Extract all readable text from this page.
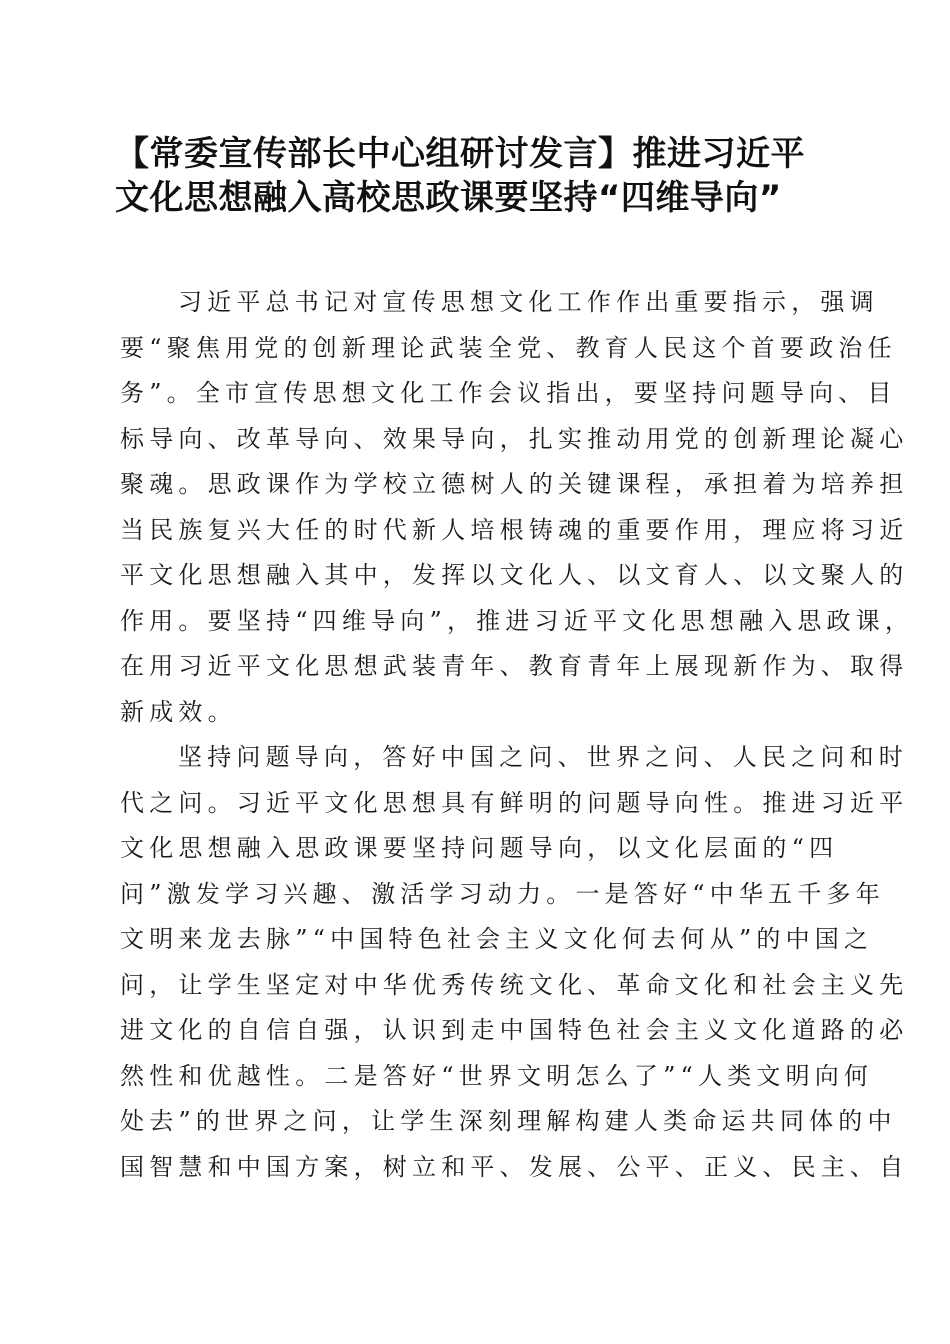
【常委宣传部长中心组研讨发言】推进习近平
文化思想融入高校思政课要坚持“四维导向”
习近平总书记对宣传思想文化工作作出重要指示，强调
要“聚焦用党的创新理论武装全党、教育人民这个首要政治任
务”。全市宣传思想文化工作会议指出，要坚持问题导向、目
标导向、改革导向、效果导向，扎实推动用党的创新理论凝心
聚魂。思政课作为学校立德树人的关键课程，承担着为培养担
当民族复兴大任的时代新人培根铸魂的重要作用，理应将习近
平文化思想融入其中，发挥以文化人、以文育人、以文聚人的
作用。要坚持“四维导向”，推进习近平文化思想融入思政课，
在用习近平文化思想武装青年、教育青年上展现新作为、取得
新成效。
坚持问题导向，答好中国之问、世界之问、人民之问和时
代之问。习近平文化思想具有鲜明的问题导向性。推进习近平
文化思想融入思政课要坚持问题导向，以文化层面的“四
问”激发学习兴趣、激活学习动力。一是答好“中华五千多年
文明来龙去脉”“中国特色社会主义文化何去何从”的中国之
问，让学生坚定对中华优秀传统文化、革命文化和社会主义先
进文化的自信自强，认识到走中国特色社会主义文化道路的必
然性和优越性。二是答好“世界文明怎么了”“人类文明向何
处去”的世界之问，让学生深刻理解构建人类命运共同体的中
国智慧和中国方案，树立和平、发展、公平、正义、民主、自
